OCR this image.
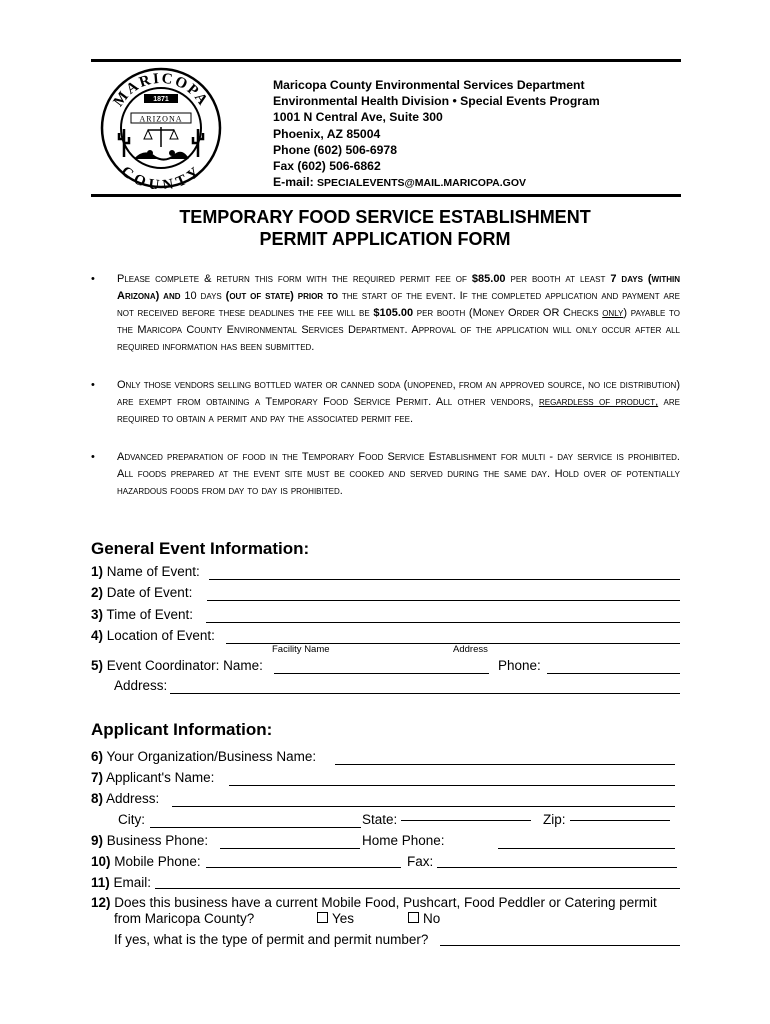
MARICOPA
COUNTY
ARIZONA
1871
Maricopa County Environmental Services Department
Environmental Health Division • Special Events Program
1001 N Central Ave, Suite 300
Phoenix, AZ 85004
Phone (602) 506-6978
Fax (602) 506-6862
E-mail: SPECIALEVENTS@MAIL.MARICOPA.GOV
TEMPORARY FOOD SERVICE ESTABLISHMENT
PERMIT APPLICATION FORM
• Please complete & return this form with the required permit fee of $85.00 per booth at least 7 days (within Arizona) and 10 days (out of state) prior to the start of the event. If the completed application and payment are not received before these deadlines the fee will be $105.00 per booth (Money Order OR Checks only) payable to the Maricopa County Environmental Services Department. Approval of the application will only occur after all required information has been submitted.
• Only those vendors selling bottled water or canned soda (unopened, from an approved source, no ice distribution) are exempt from obtaining a Temporary Food Service Permit. All other vendors, regardless of product, are required to obtain a permit and pay the associated permit fee.
• Advanced preparation of food in the Temporary Food Service Establishment for multi - day service is prohibited. All foods prepared at the event site must be cooked and served during the same day. Hold over of potentially hazardous foods from day to day is prohibited.
General Event Information:
1) Name of Event:
2) Date of Event:
3) Time of Event:
4) Location of Event:
Facility Name	Address
5) Event Coordinator: Name:	Phone:
Address:
Applicant Information:
6) Your Organization/Business Name:
7) Applicant's Name:
8) Address:
City:	State:	Zip:
9) Business Phone:	Home Phone:
10) Mobile Phone:	Fax:
11) Email:
12) Does this business have a current Mobile Food, Pushcart, Food Peddler or Catering permit
from Maricopa County?	Yes	No
If yes, what is the type of permit and permit number?
